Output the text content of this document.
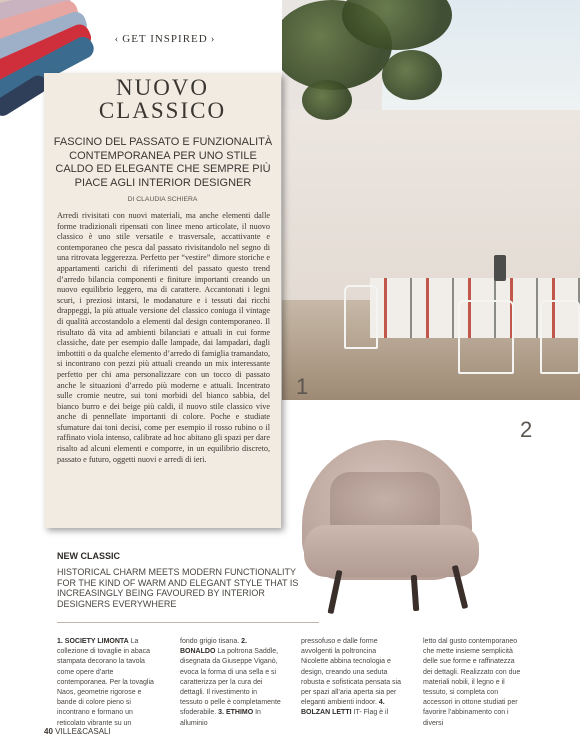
‹ GET INSPIRED ›
1
2
NUOVO
CLASSICO
FASCINO DEL PASSATO E FUNZIONALITÀ CONTEMPORANEA PER UNO STILE CALDO ED ELEGANTE CHE SEMPRE PIÙ PIACE AGLI INTERIOR DESIGNER
DI CLAUDIA SCHIERA
Arredi rivisitati con nuovi materiali, ma anche elementi dalle forme tradizionali ripensati con linee meno articolate, il nuovo classico è uno stile versatile e trasversale, accattivante e contemporaneo che pesca dal passato rivisitandolo nel segno di una ritrovata leggerezza. Perfetto per “vestire” dimore storiche e appartamenti carichi di riferimenti del passato questo trend d’arredo bilancia componenti e finiture importanti creando un nuovo equilibrio leggero, ma di carattere. Accantonati i legni scuri, i preziosi intarsi, le modanature e i tessuti dai ricchi drappeggi, la più attuale versione del classico coniuga il vintage di qualità accostandolo a elementi dal design contemporaneo. Il risultato dà vita ad ambienti bilanciati e attuali in cui forme classiche, date per esempio dalle lampade, dai lampadari, dagli imbottiti o da qualche elemento d’arredo di famiglia tramandato, si incontrano con pezzi più attuali creando un mix interessante perfetto per chi ama personalizzare con un tocco di passato anche le situazioni d’arredo più moderne e attuali. Incentrato sulle cromie neutre, sui toni morbidi del bianco sabbia, del bianco burro e dei beige più caldi, il nuovo stile classico vive anche di pennellate importanti di colore. Poche e studiate sfumature dai toni decisi, come per esempio il rosso rubino o il raffinato viola intenso, calibrate ad hoc abitano gli spazi per dare risalto ad alcuni elementi e comporre, in un equilibrio discreto, passato e futuro, oggetti nuovi e arredi di ieri.
NEW CLASSIC
HISTORICAL CHARM MEETS MODERN FUNCTIONALITY FOR THE KIND OF WARM AND ELEGANT STYLE THAT IS INCREASINGLY BEING FAVOURED BY INTERIOR DESIGNERS EVERYWHERE
1. SOCIETY LIMONTA La collezione di tovaglie in abaca stampata decorano la tavola come opere d’arte contemporanea. Per la tovaglia Naos, geometrie rigorose e bande di colore pieno si incontrano e formano un reticolato vibrante su un
fondo grigio tisana. 2. BONALDO La poltrona Saddle, disegnata da Giuseppe Viganò, evoca la forma di una sella e si caratterizza per la cura dei dettagli. Il rivestimento in tessuto o pelle è completamente sfoderabile. 3. ETHIMO In alluminio
pressofuso e dalle forme avvolgenti la poltroncina Nicolette abbina tecnologia e design, creando una seduta robusta e sofisticata pensata sia per spazi all’aria aperta sia per eleganti ambienti indoor. 4. BOLZAN LETTI IT- Flag è il
letto dal gusto contemporaneo che mette insieme semplicità delle sue forme e raffinatezza dei dettagli. Realizzato con due materiali nobili, il legno e il tessuto, si completa con accessori in ottone studiati per favorire l’abbinamento con i diversi
40 VILLE&CASALI
